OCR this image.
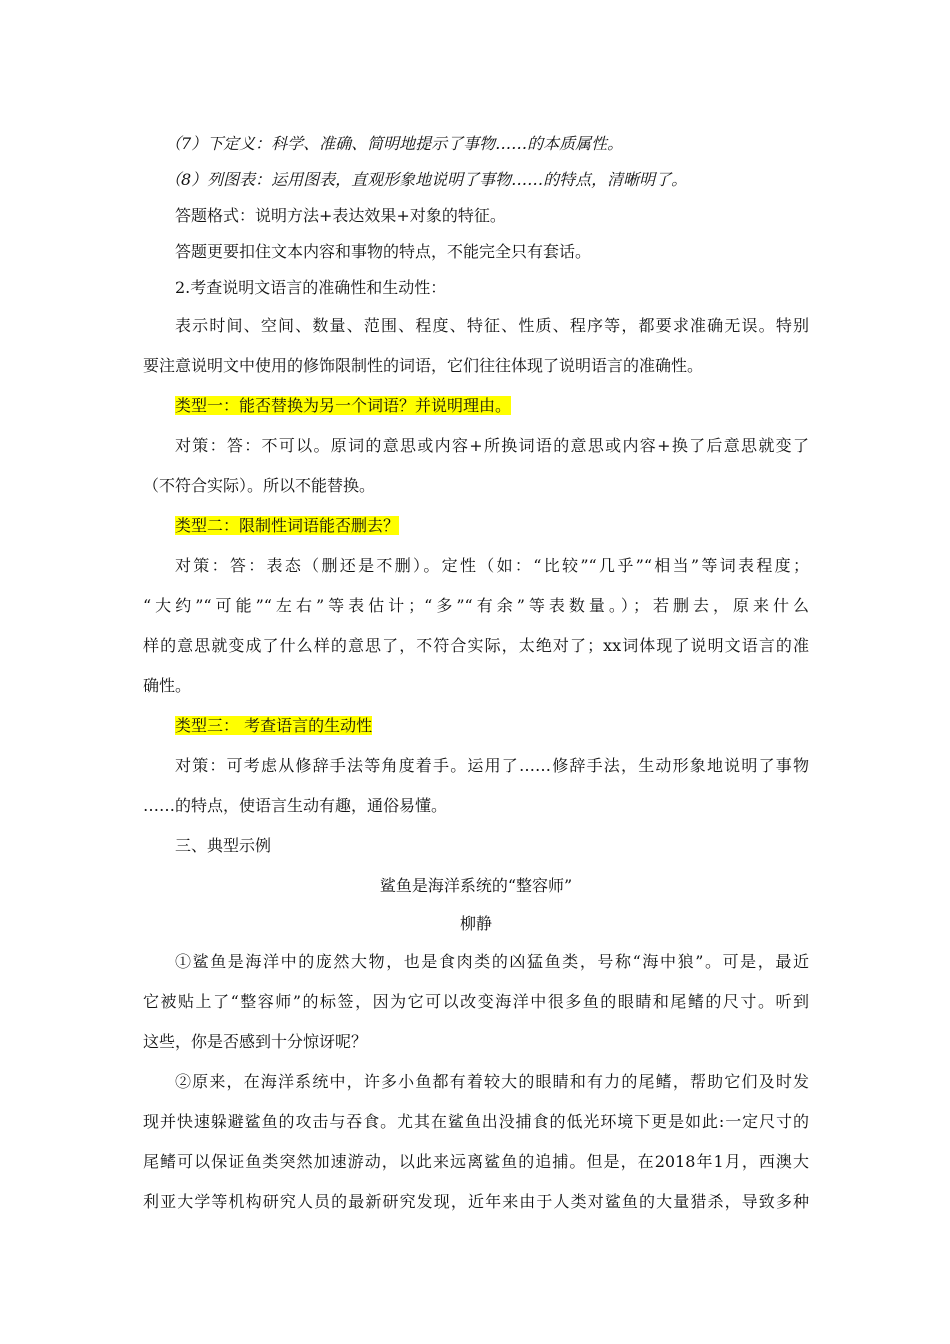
（7）下定义：科学、准确、简明地提示了事物……的本质属性。
（8）列图表：运用图表，直观形象地说明了事物……的特点，清晰明了。
答题格式：说明方法+表达效果+对象的特征。
答题更要扣住文本内容和事物的特点，不能完全只有套话。
2.考查说明文语言的准确性和生动性：
表示时间、空间、数量、范围、程度、特征、性质、程序等，都要求准确无误。特别
要注意说明文中使用的修饰限制性的词语，它们往往体现了说明语言的准确性。
类型一：能否替换为另一个词语？并说明理由。
对策：答：不可以。原词的意思或内容+所换词语的意思或内容+换了后意思就变了
（不符合实际）。所以不能替换。
类型二：限制性词语能否删去？
对策：答：表态（删还是不删）。定性（如：“比较”“几乎”“相当”等词表程度；
“大约”“可能”“左右”等表估计；“多”“有余”等表数量。）；若删去，原来什么
样的意思就变成了什么样的意思了，不符合实际，太绝对了；xx词体现了说明文语言的准
确性。
类型三： 考查语言的生动性
对策：可考虑从修辞手法等角度着手。运用了……修辞手法，生动形象地说明了事物
……的特点，使语言生动有趣，通俗易懂。
三、典型示例
鲨鱼是海洋系统的“整容师”
柳静
①鲨鱼是海洋中的庞然大物，也是食肉类的凶猛鱼类，号称“海中狼”。可是，最近
它被贴上了“整容师”的标签，因为它可以改变海洋中很多鱼的眼睛和尾鳍的尺寸。听到
这些，你是否感到十分惊讶呢？
②原来，在海洋系统中，许多小鱼都有着较大的眼睛和有力的尾鳍，帮助它们及时发
现并快速躲避鲨鱼的攻击与吞食。尤其在鲨鱼出没捕食的低光环境下更是如此:一定尺寸的
尾鳍可以保证鱼类突然加速游动，以此来远离鲨鱼的追捕。但是，在2018年1月，西澳大
利亚大学等机构研究人员的最新研究发现，近年来由于人类对鲨鱼的大量猎杀，导致多种
